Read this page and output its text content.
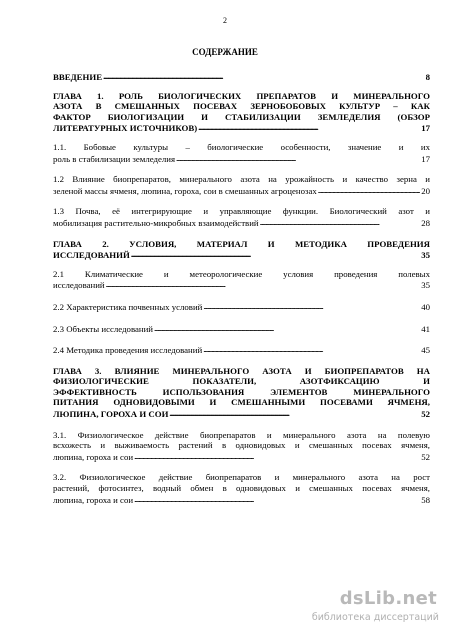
2
СОДЕРЖАНИЕ
ВВЕДЕНИЕ . . .	8
ГЛАВА 1. РОЛЬ БИОЛОГИЧЕСКИХ ПРЕПАРАТОВ И МИНЕРАЛЬНОГО
АЗОТА В СМЕШАННЫХ ПОСЕВАХ ЗЕРНОБОБОВЫХ КУЛЬТУР – КАК
ФАКТОР БИОЛОГИЗАЦИИ И СТАБИЛИЗАЦИИ ЗЕМЛЕДЕЛИЯ (ОБЗОР
ЛИТЕРАТУРНЫХ ИСТОЧНИКОВ) . . .	17
1.1. Бобовые культуры – биологические особенности, значение и их
роль в стабилизации земледелия . . .	17
1.2 Влияние биопрепаратов, минерального азота на урожайность и качество зерна и
зеленой массы ячменя, люпина, гороха, сои в смешанных агроценозах . . .	20
1.3 Почва, её интегрирующие и управляющие функции. Биологический азот и
мобилизация растительно-микробных взаимодействий . . .	28
ГЛАВА 2. УСЛОВИЯ, МАТЕРИАЛ И МЕТОДИКА ПРОВЕДЕНИЯ
ИССЛЕДОВАНИЙ . . .	35
2.1 Климатические и метеорологические условия проведения полевых
исследований . . .	35
2.2 Характеристика почвенных условий . . .	40
2.3 Объекты исследований . . .	41
2.4 Методика проведения исследований . . .	45
ГЛАВА 3. ВЛИЯНИЕ МИНЕРАЛЬНОГО АЗОТА И БИОПРЕПАРАТОВ НА
ФИЗИОЛОГИЧЕСКИЕ ПОКАЗАТЕЛИ, АЗОТФИКСАЦИЮ И
ЭФФЕКТИВНОСТЬ ИСПОЛЬЗОВАНИЯ ЭЛЕМЕНТОВ МИНЕРАЛЬНОГО
ПИТАНИЯ ОДНОВИДОВЫМИ И СМЕШАННЫМИ ПОСЕВАМИ ЯЧМЕНЯ,
ЛЮПИНА, ГОРОХА И СОИ . . .	52
3.1. Физиологическое действие биопрепаратов и минерального азота на полевую
всхожесть и выживаемость растений в одновидовых и смешанных посевах ячменя,
люпина, гороха и сои . . .	52
3.2. Физиологическое действие биопрепаратов и минерального азота на рост
растений, фотосинтез, водный обмен в одновидовых и смешанных посевах ячменя,
люпина, гороха и сои . . .	58
dsLib.net
библиотека диссертаций
